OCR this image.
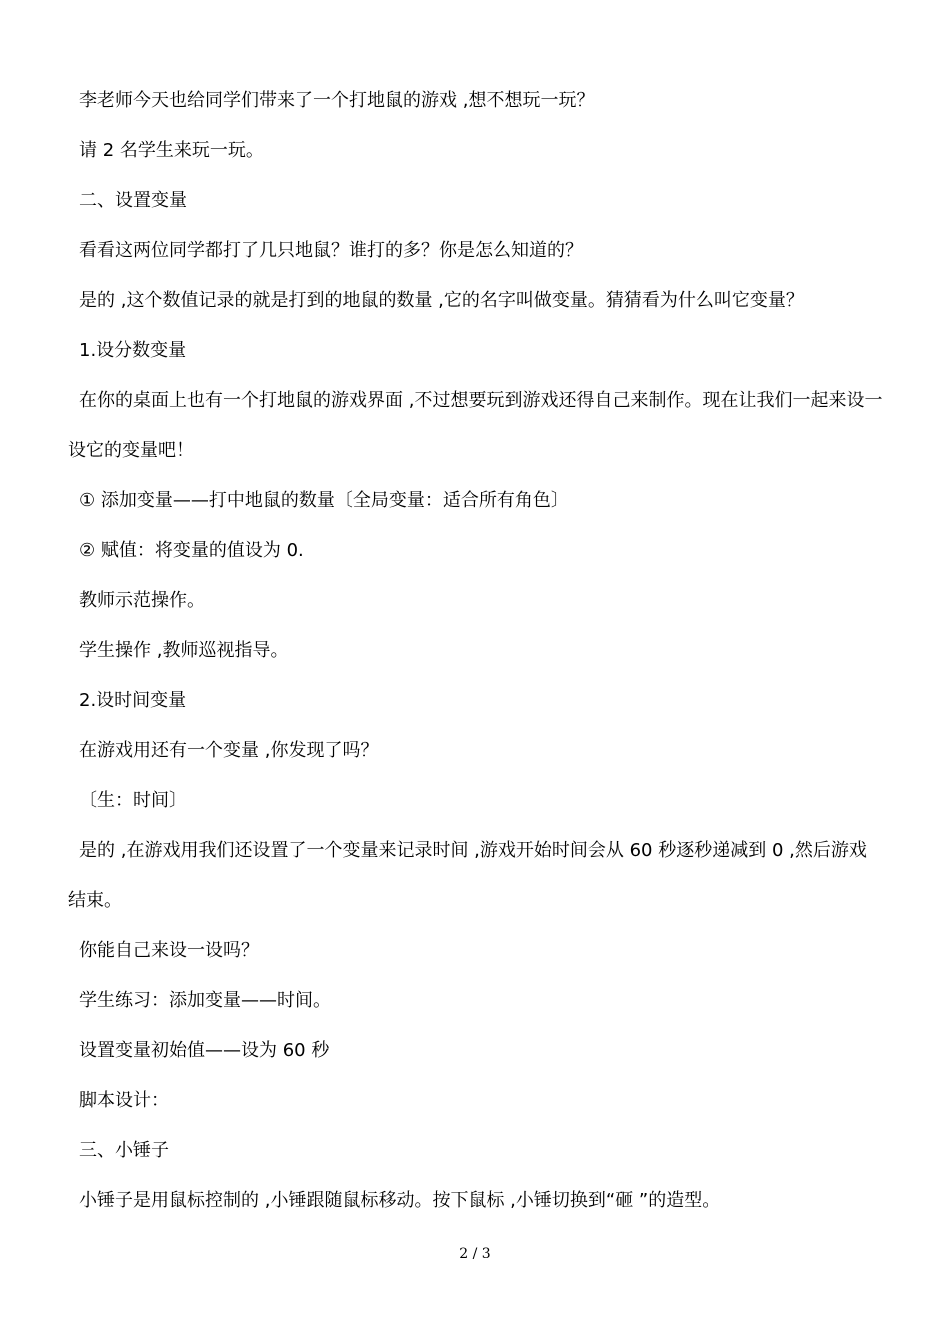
李老师今天也给同学们带来了一个打地鼠的游戏 ,想不想玩一玩？

请 2 名学生来玩一玩。

二、设置变量

看看这两位同学都打了几只地鼠？谁打的多？你是怎么知道的？

是的 ,这个数值记录的就是打到的地鼠的数量 ,它的名字叫做变量。猜猜看为什么叫它变量？

1.设分数变量

在你的桌面上也有一个打地鼠的游戏界面 ,不过想要玩到游戏还得自己来制作。现在让我们一起来设一设它的变量吧！

① 添加变量——打中地鼠的数量〔全局变量：适合所有角色〕

② 赋值：将变量的值设为 0.

教师示范操作。

学生操作 ,教师巡视指导。

2.设时间变量

在游戏用还有一个变量 ,你发现了吗？

〔生：时间〕

是的 ,在游戏用我们还设置了一个变量来记录时间 ,游戏开始时间会从 60 秒逐秒递减到 0 ,然后游戏结束。

你能自己来设一设吗？

学生练习：添加变量——时间。

设置变量初始值——设为 60 秒

脚本设计：

三、小锤子

小锤子是用鼠标控制的 ,小锤跟随鼠标移动。按下鼠标 ,小锤切换到“砸 ”的造型。

2 / 3
